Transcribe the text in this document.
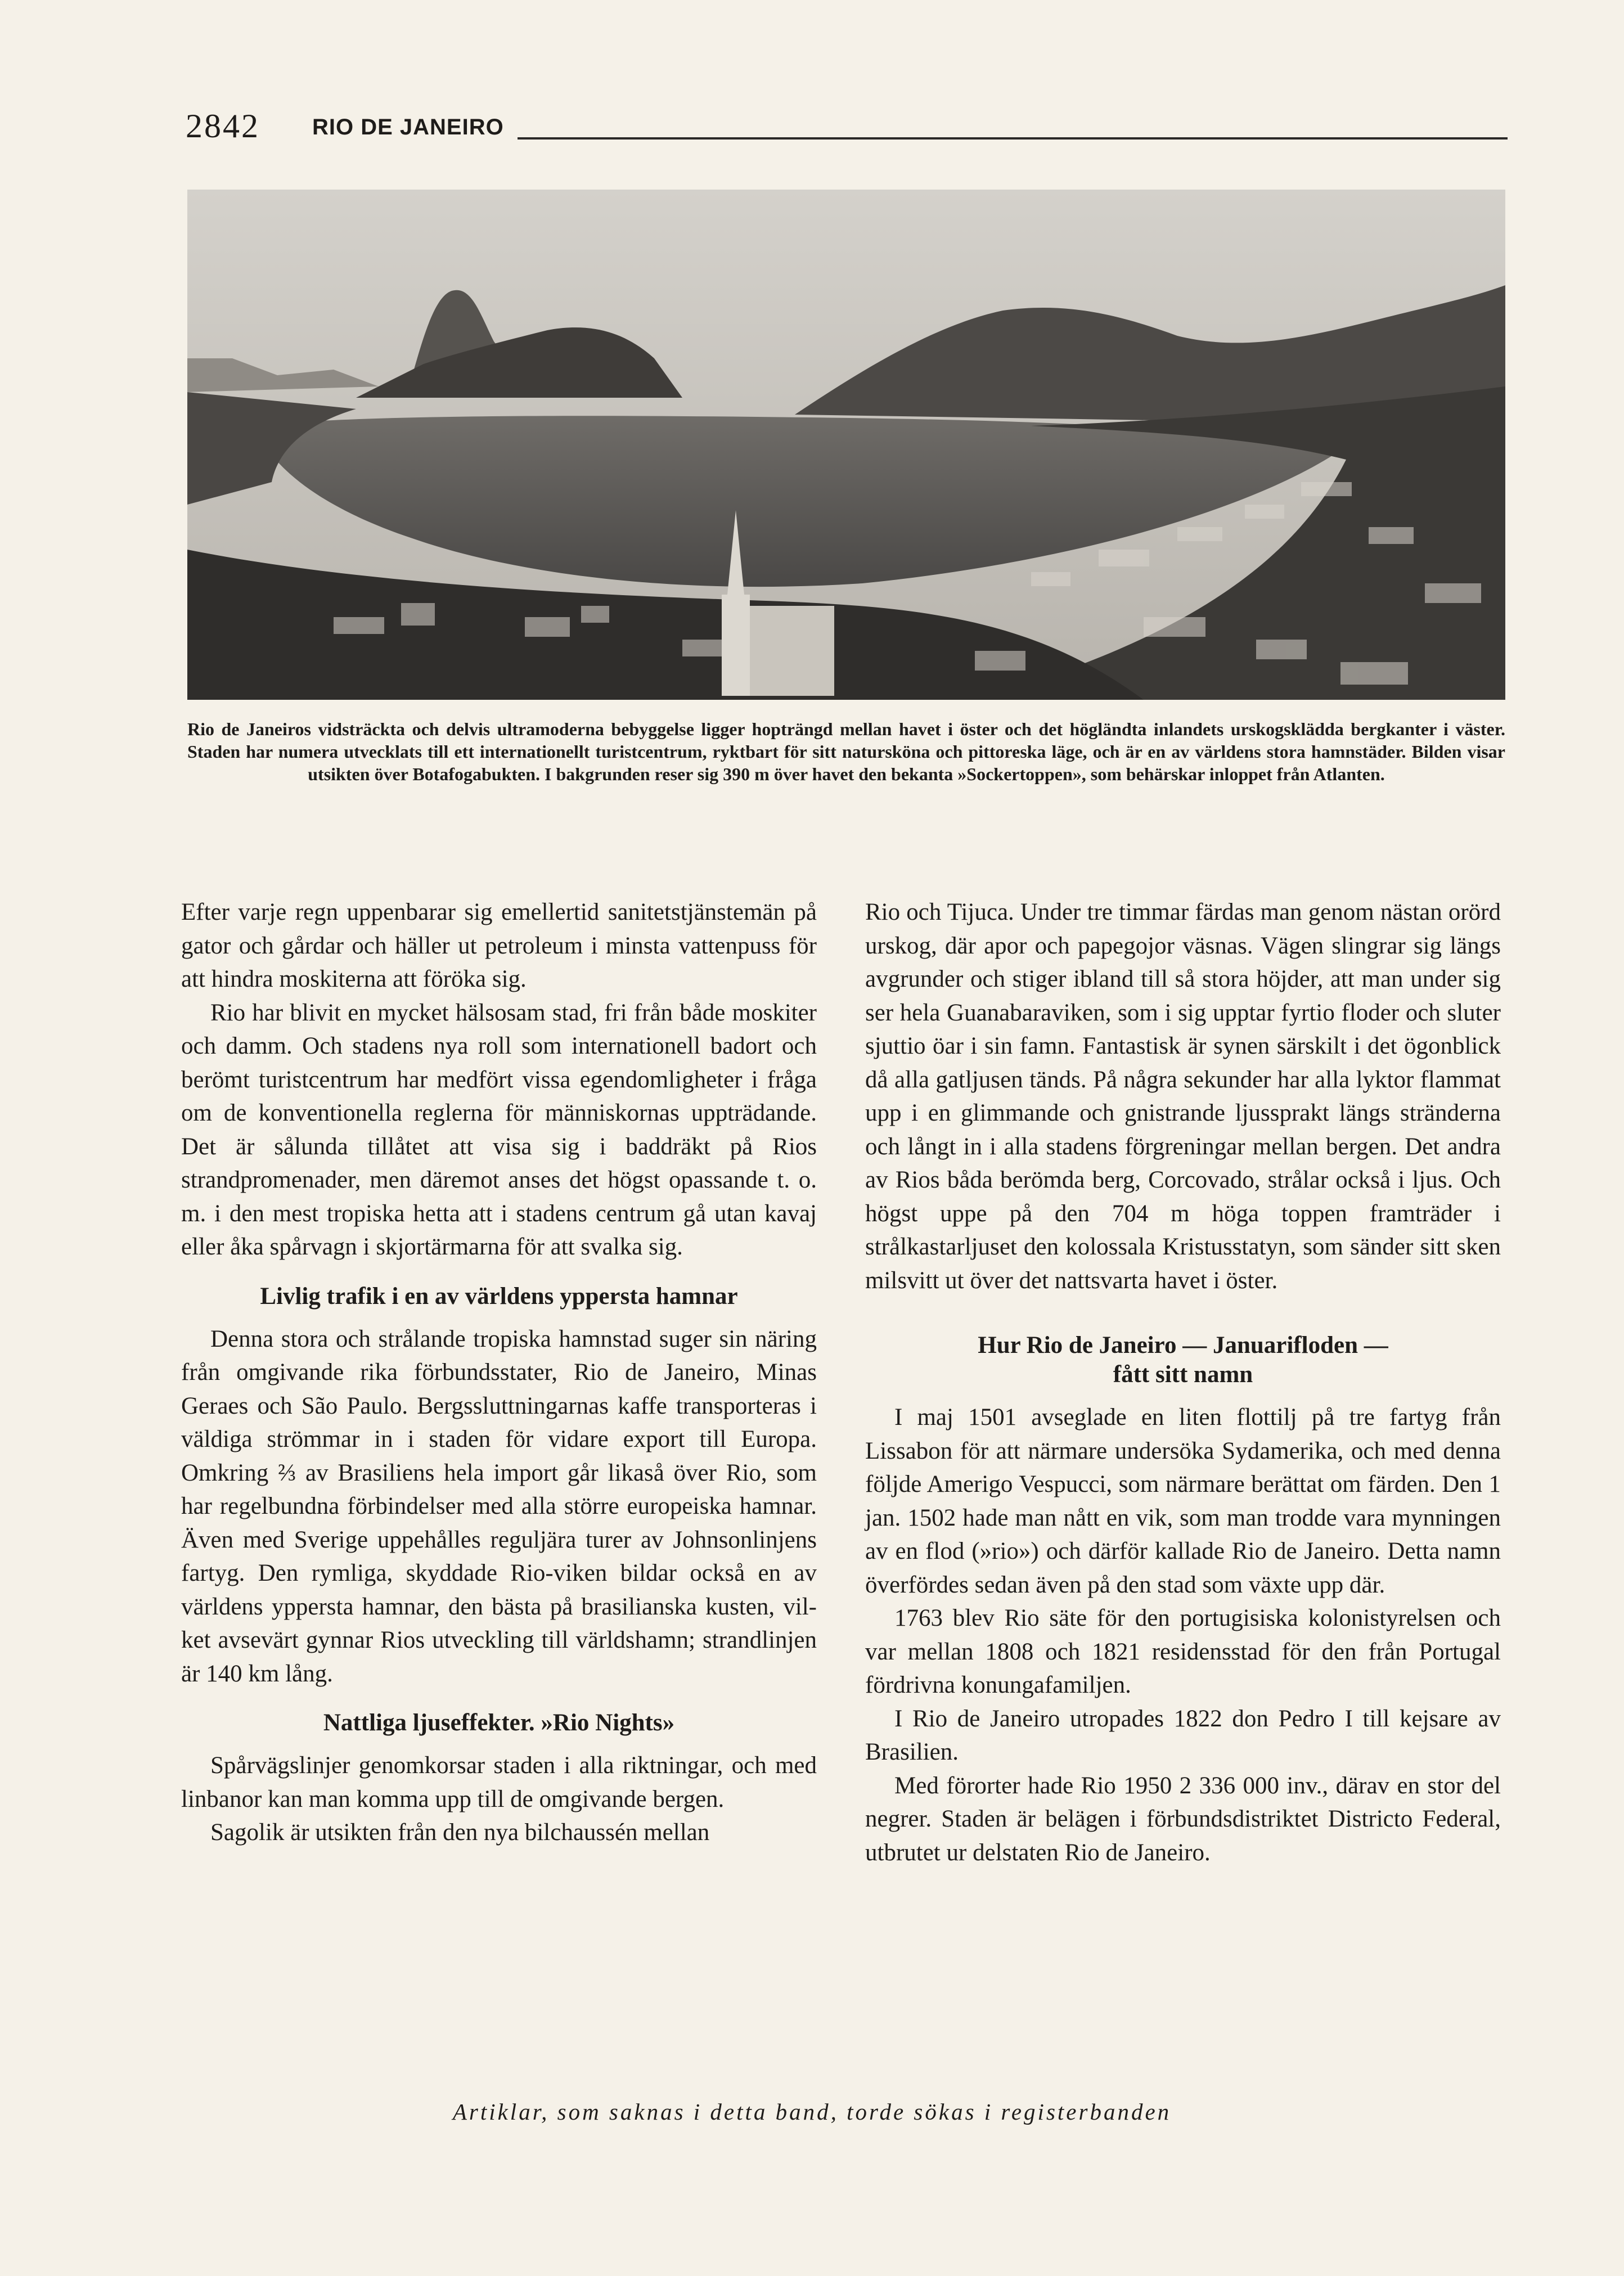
2842 RIO DE JANEIRO
Rio de Janeiros vidsträckta och delvis ultramoderna bebyggelse ligger hopträngd mellan havet i öster och det högländta inlandets urskogsklädda bergkanter i väster. Staden har numera utvecklats till ett internationellt turistcentrum, ryktbart för sitt natursköna och pittoreska läge, och är en av världens stora hamnstäder. Bilden visar utsikten över Botafogabukten. I bakgrunden reser sig 390 m över havet den bekanta »Sockertoppen», som behärskar inloppet från Atlanten.

Efter varje regn uppenbarar sig emellertid sanitetstjänstemän på gator och gårdar och häller ut petroleum i minsta vattenpuss för att hindra moskiterna att föröka sig.

Rio har blivit en mycket hälsosam stad, fri från både moskiter och damm. Och stadens nya roll som internationell badort och berömt turistcentrum har medfört vissa egendomligheter i fråga om de konventionella reglerna för människornas uppträdande. Det är sålunda tillåtet att visa sig i baddräkt på Rios strandpromenader, men däremot anses det högst opassande t. o. m. i den mest tropiska hetta att i stadens centrum gå utan kavaj eller åka spårvagn i skjortärmarna för att svalka sig.

Livlig trafik i en av världens yppersta hamnar

Denna stora och strålande tropiska hamnstad suger sin näring från omgivande rika förbundsstater, Rio de Janeiro, Minas Geraes och São Paulo. Bergssluttningarnas kaffe transporteras i väldiga strömmar in i staden för vidare export till Europa. Omkring ⅔ av Brasiliens hela import går likaså över Rio, som har regelbundna förbindelser med alla större europeiska hamnar. Även med Sverige uppehålles reguljära turer av Johnsonlinjens fartyg. Den rymliga, skyddade Rio-viken bildar också en av världens yppersta hamnar, den bästa på brasilianska kusten, vilket avsevärt gynnar Rios utveckling till världshamn; strandlinjen är 140 km lång.

Nattliga ljuseffekter. »Rio Nights»

Spårvägslinjer genomkorsar staden i alla riktningar, och med linbanor kan man komma upp till de omgivande bergen.

Sagolik är utsikten från den nya bilchaussén mellan

Rio och Tijuca. Under tre timmar färdas man genom nästan orörd urskog, där apor och papegojor väsnas. Vägen slingrar sig längs avgrunder och stiger ibland till så stora höjder, att man under sig ser hela Guanabaraviken, som i sig upptar fyrtio floder och sluter sjuttio öar i sin famn. Fantastisk är synen särskilt i det ögonblick då alla gatljusen tänds. På några sekunder har alla lyktor flammat upp i en glimmande och gnistrande ljussprakt längs stränderna och långt in i alla stadens förgreningar mellan bergen. Det andra av Rios båda berömda berg, Corcovado, strålar också i ljus. Och högst uppe på den 704 m höga toppen framträder i strålkastarljuset den kolossala Kristusstatyn, som sänder sitt sken milsvitt ut över det nattsvarta havet i öster.

Hur Rio de Janeiro — Januarifloden —
fått sitt namn

I maj 1501 avseglade en liten flottilj på tre fartyg från Lissabon för att närmare undersöka Sydamerika, och med denna följde Amerigo Vespucci, som närmare berättat om färden. Den 1 jan. 1502 hade man nått en vik, som man trodde vara mynningen av en flod (»rio») och därför kallade Rio de Janeiro. Detta namn överfördes sedan även på den stad som växte upp där.

1763 blev Rio säte för den portugisiska kolonistyrelsen och var mellan 1808 och 1821 residensstad för den från Portugal fördrivna konungafamiljen.

I Rio de Janeiro utropades 1822 don Pedro I till kejsare av Brasilien.

Med förorter hade Rio 1950 2 336 000 inv., därav en stor del negrer. Staden är belägen i förbundsdistriktet Districto Federal, utbrutet ur delstaten Rio de Janeiro.

Artiklar, som saknas i detta band, torde sökas i registerbanden
